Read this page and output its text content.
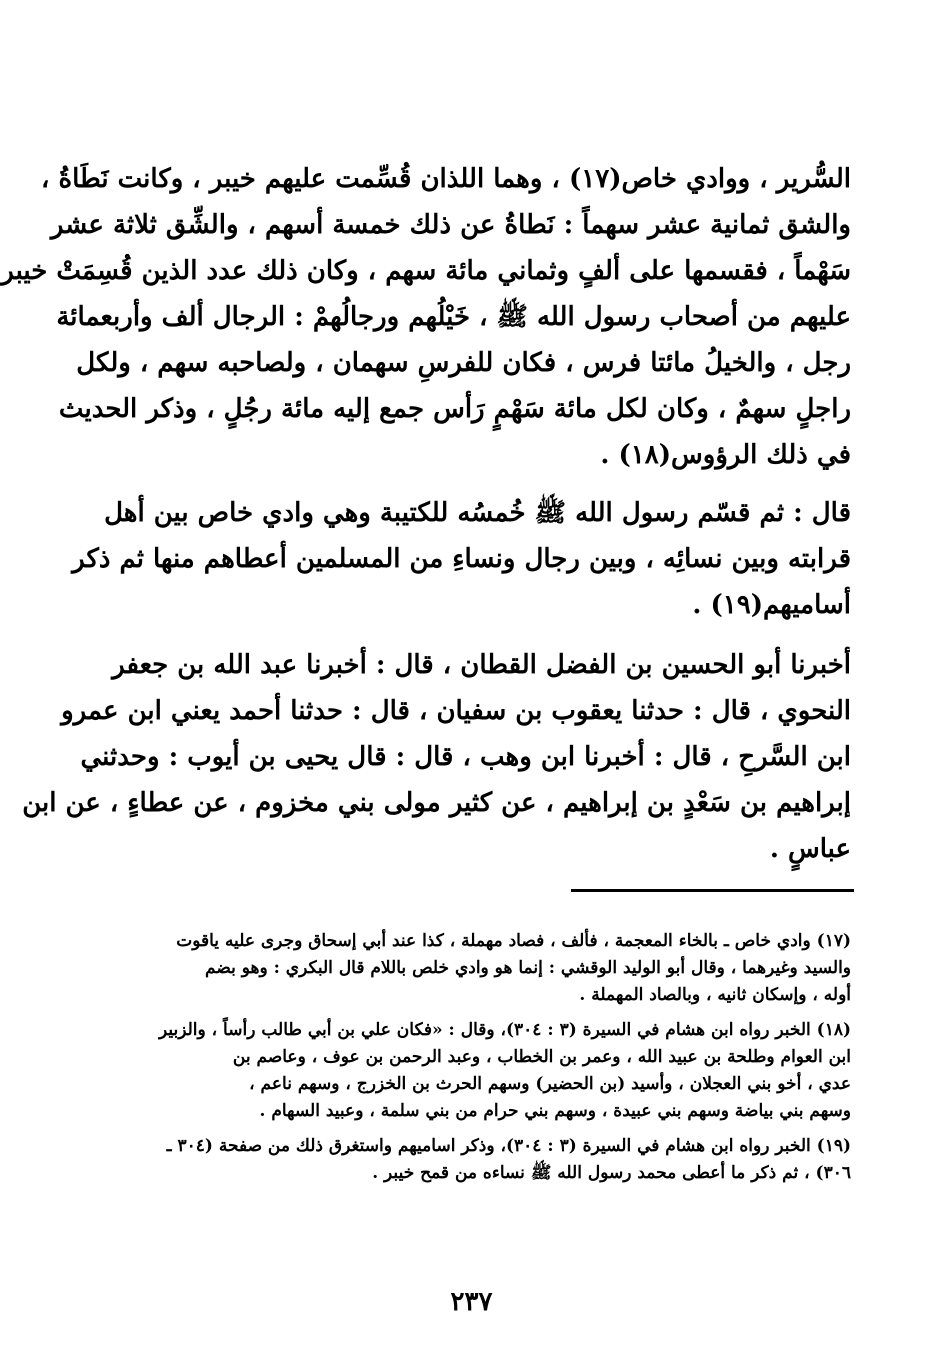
السُّرير ، ووادي خاص(١٧) ، وهما اللذان قُسِّمت عليهم خيبر ، وكانت نَطَاةُ ،
والشق ثمانية عشر سهماً : نَطاةُ عن ذلك خمسة أسهم ، والشِّق ثلاثة عشر
سَهْماً ، فقسمها على ألفٍ وثماني مائة سهم ، وكان ذلك عدد الذين قُسِمَتْ خيبر
عليهم من أصحاب رسول الله ﷺ ، خَيْلُهم ورجالُهمْ : الرجال ألف وأربعمائة
رجل ، والخيلُ مائتا فرس ، فكان للفرسِ سهمان ، ولصاحبه سهم ، ولكل
راجلٍ سهمٌ ، وكان لكل مائة سَهْمٍ رَأس جمع إليه مائة رجُلٍ ، وذكر الحديث
في ذلك الرؤوس(١٨) .
قال : ثم قسّم رسول الله ﷺ خُمسُه للكتيبة وهي وادي خاص بين أهل
قرابته وبين نسائِه ، وبين رجال ونساءِ من المسلمين أعطاهم منها ثم ذكر
أساميهم(١٩) .
أخبرنا أبو الحسين بن الفضل القطان ، قال : أخبرنا عبد الله بن جعفر
النحوي ، قال : حدثنا يعقوب بن سفيان ، قال : حدثنا أحمد يعني ابن عمرو
ابن السَّرحِ ، قال : أخبرنا ابن وهب ، قال : قال يحيى بن أيوب : وحدثني
إبراهيم بن سَعْدٍ بن إبراهيم ، عن كثير مولى بني مخزوم ، عن عطاءٍ ، عن ابن
عباسٍ .
(١٧) وادي خاص ـ بالخاء المعجمة ، فألف ، فصاد مهملة ، كذا عند أبي إسحاق وجرى عليه ياقوت
والسيد وغيرهما ، وقال أبو الوليد الوقشي : إنما هو وادي خلص باللام قال البكري : وهو بضم
أوله ، وإسكان ثانيه ، وبالصاد المهملة .
(١٨) الخبر رواه ابن هشام في السيرة (٣ : ٣٠٤)، وقال : «فكان علي بن أبي طالب رأساً ، والزبير
ابن العوام وطلحة بن عبيد الله ، وعمر بن الخطاب ، وعبد الرحمن بن عوف ، وعاصم بن
عدي ، أخو بني العجلان ، وأسيد (بن الحضير) وسهم الحرث بن الخزرج ، وسهم ناعم ،
وسهم بني بياضة وسهم بني عبيدة ، وسهم بني حرام من بني سلمة ، وعبيد السهام .
(١٩) الخبر رواه ابن هشام في السيرة (٣ : ٣٠٤)، وذكر اساميهم واستغرق ذلك من صفحة (٣٠٤ ـ
٣٠٦) ، ثم ذكر ما أعطى محمد رسول الله ﷺ نساءه من قمح خيبر .
٢٣٧
